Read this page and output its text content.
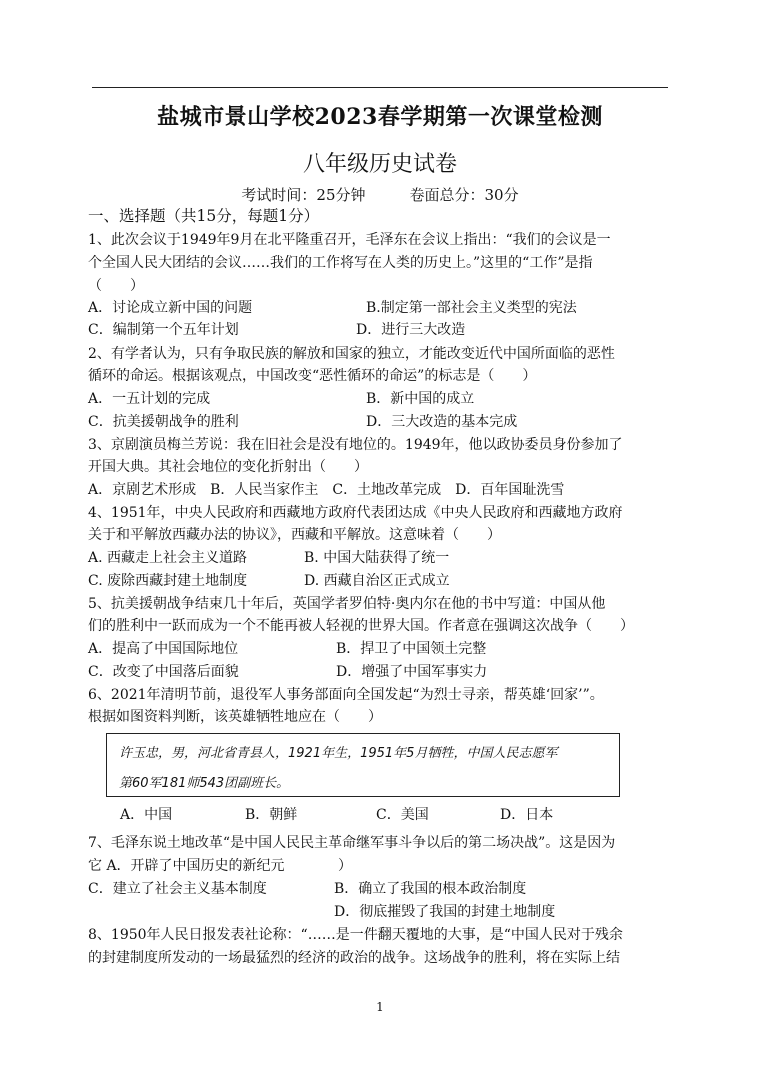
盐城市景山学校2023春学期第一次课堂检测
八年级历史试卷
考试时间：25分钟	卷面总分：30分
一、选择题（共15分，每题1分）
1、此次会议于1949年9月在北平隆重召开，毛泽东在会议上指出：“我们的会议是一
个全国人民大团结的会议……我们的工作将写在人类的历史上。”这里的“工作”是指
（　　）
A．讨论成立新中国的问题	B.制定第一部社会主义类型的宪法
C．编制第一个五年计划	D．进行三大改造
2、有学者认为，只有争取民族的解放和国家的独立，才能改变近代中国所面临的恶性
循环的命运。根据该观点，中国改变“恶性循环的命运”的标志是（　　）
A．一五计划的完成	B．新中国的成立
C．抗美援朝战争的胜利	D．三大改造的基本完成
3、京剧演员梅兰芳说：我在旧社会是没有地位的。1949年，他以政协委员身份参加了
开国大典。其社会地位的变化折射出（　　）
A．京剧艺术形成　B．人民当家作主　C．土地改革完成　D．百年国耻洗雪
4、1951年，中央人民政府和西藏地方政府代表团达成《中央人民政府和西藏地方政府
关于和平解放西藏办法的协议》，西藏和平解放。这意味着（　　）
A. 西藏走上社会主义道路	B. 中国大陆获得了统一
C. 废除西藏封建土地制度	D. 西藏自治区正式成立
5、抗美援朝战争结束几十年后，英国学者罗伯特·奥内尔在他的书中写道：中国从他
们的胜利中一跃而成为一个不能再被人轻视的世界大国。作者意在强调这次战争（　　）
A．提高了中国国际地位	B．捍卫了中国领土完整
C．改变了中国落后面貌	D．增强了中国军事实力
6、2021年清明节前，退役军人事务部面向全国发起“为烈士寻亲，帮英雄‘回家’”。
根据如图资料判断，该英雄牺牲地应在（　　）
许玉忠，男，河北省青县人，1921年生，1951年5月牺牲，中国人民志愿军
第60军181师543团副班长。
A．中国	B．朝鲜	C．美国	D．日本
7、毛泽东说土地改革“是中国人民民主革命继军事斗争以后的第二场决战”。这是因为
它 A．开辟了中国历史的新纪元	）
C．建立了社会主义基本制度	B．确立了我国的根本政治制度
D．彻底摧毁了我国的封建土地制度
8、1950年人民日报发表社论称：“……是一件翻天覆地的大事，是“中国人民对于残余
的封建制度所发动的一场最猛烈的经济的政治的战争。这场战争的胜利，将在实际上结
1
